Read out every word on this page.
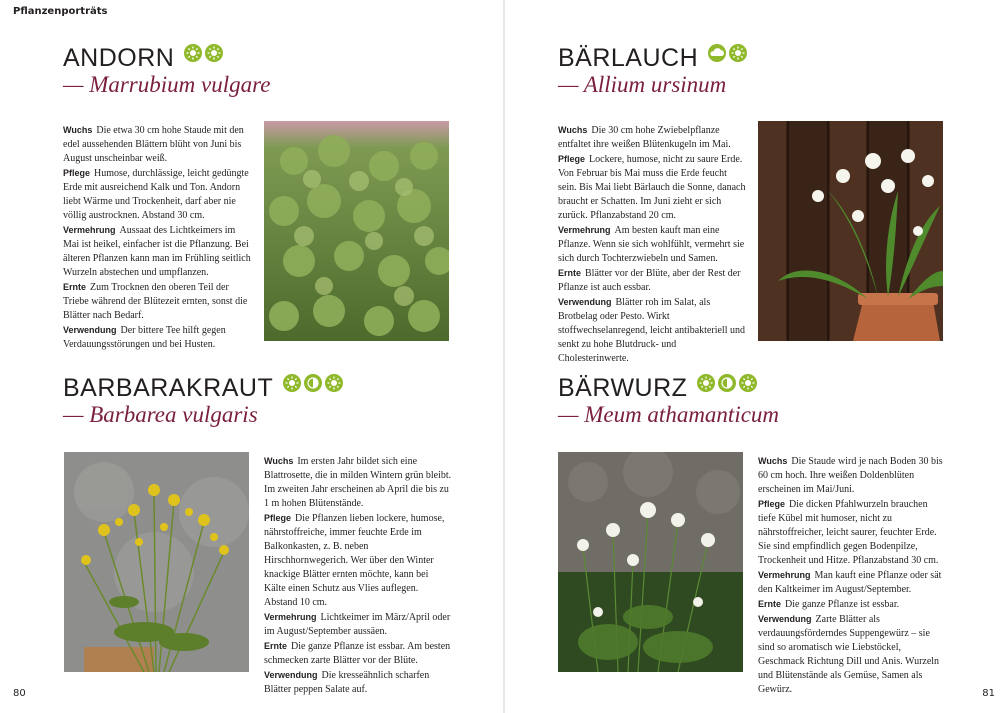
Pflanzenporträts
ANDORN
— Marrubium vulgare

Wuchs Die etwa 30 cm hohe Staude mit den edel aussehenden Blättern blüht von Juni bis August unscheinbar weiß.

Pflege Humose, durchlässige, leicht gedüngte Erde mit ausreichend Kalk und Ton. Andorn liebt Wärme und Trockenheit, darf aber nie völlig austrocknen. Abstand 30 cm.

Vermehrung Aussaat des Lichtkeimers im Mai ist heikel, einfacher ist die Pflanzung. Bei älteren Pflanzen kann man im Frühling seitlich Wurzeln abstechen und umpflanzen.

Ernte Zum Trocknen den oberen Teil der Triebe während der Blütezeit ernten, sonst die Blätter nach Bedarf.

Verwendung Der bittere Tee hilft gegen Verdauungsstörungen und bei Husten.

BÄRLAUCH
— Allium ursinum

Wuchs Die 30 cm hohe Zwiebelpflanze entfaltet ihre weißen Blütenkugeln im Mai.

Pflege Lockere, humose, nicht zu saure Erde. Von Februar bis Mai muss die Erde feucht sein. Bis Mai liebt Bärlauch die Sonne, danach braucht er Schatten. Im Juni zieht er sich zurück. Pflanzabstand 20 cm.

Vermehrung Am besten kauft man eine Pflanze. Wenn sie sich wohlfühlt, vermehrt sie sich durch Tochterzwiebeln und Samen.

Ernte Blätter vor der Blüte, aber der Rest der Pflanze ist auch essbar.

Verwendung Blätter roh im Salat, als Brotbelag oder Pesto. Wirkt stoffwechselanregend, leicht antibakteriell und senkt zu hohe Blutdruck- und Cholesterinwerte.

BARBARAKRAUT
— Barbarea vulgaris

Wuchs Im ersten Jahr bildet sich eine Blattrosette, die in milden Wintern grün bleibt. Im zweiten Jahr erscheinen ab April die bis zu 1 m hohen Blütenstände.

Pflege Die Pflanzen lieben lockere, humose, nährstoffreiche, immer feuchte Erde im Balkonkasten, z. B. neben Hirschhornwegerich. Wer über den Winter knackige Blätter ernten möchte, kann bei Kälte einen Schutz aus Vlies auflegen. Abstand 10 cm.

Vermehrung Lichtkeimer im März/April oder im August/September aussäen.

Ernte Die ganze Pflanze ist essbar. Am besten schmecken zarte Blätter vor der Blüte.

Verwendung Die kresseähnlich scharfen Blätter peppen Salate auf.

BÄRWURZ
— Meum athamanticum

Wuchs Die Staude wird je nach Boden 30 bis 60 cm hoch. Ihre weißen Doldenblüten erscheinen im Mai/Juni.

Pflege Die dicken Pfahlwurzeln brauchen tiefe Kübel mit humoser, nicht zu nährstoffreicher, leicht saurer, feuchter Erde. Sie sind empfindlich gegen Bodenpilze, Trockenheit und Hitze. Pflanzabstand 30 cm.

Vermehrung Man kauft eine Pflanze oder sät den Kaltkeimer im August/September.

Ernte Die ganze Pflanze ist essbar.

Verwendung Zarte Blätter als verdauungsförderndes Suppengewürz – sie sind so aromatisch wie Liebstöckel, Geschmack Richtung Dill und Anis. Wurzeln und Blütenstände als Gemüse, Samen als Gewürz.

80	81
